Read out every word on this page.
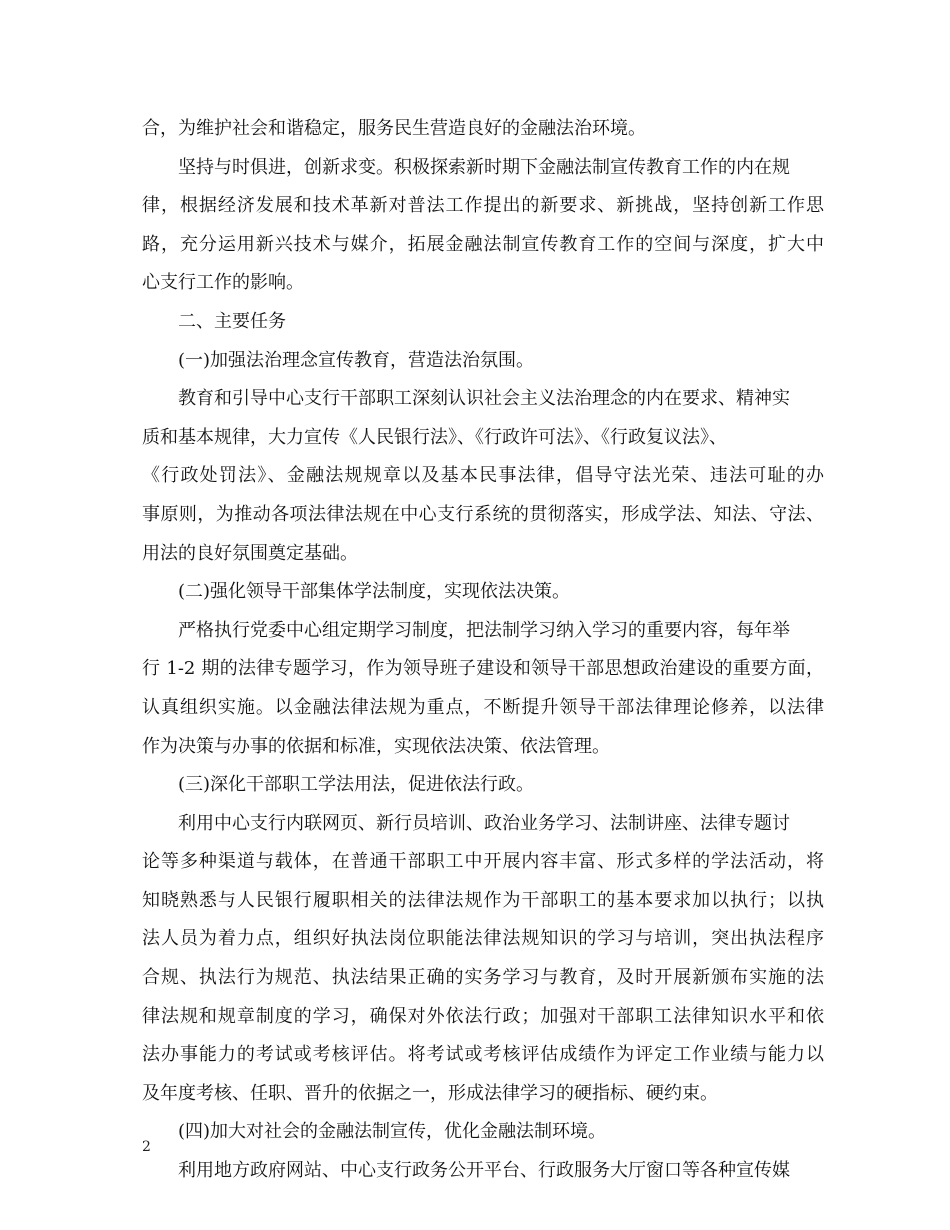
合，为维护社会和谐稳定，服务民生营造良好的金融法治环境。
坚持与时俱进，创新求变。积极探索新时期下金融法制宣传教育工作的内在规
律，根据经济发展和技术革新对普法工作提出的新要求、新挑战，坚持创新工作思
路，充分运用新兴技术与媒介，拓展金融法制宣传教育工作的空间与深度，扩大中
心支行工作的影响。
二、主要任务
(一)加强法治理念宣传教育，营造法治氛围。
教育和引导中心支行干部职工深刻认识社会主义法治理念的内在要求、精神实
质和基本规律，大力宣传《人民银行法》、《行政许可法》、《行政复议法》、
《行政处罚法》、金融法规规章以及基本民事法律，倡导守法光荣、违法可耻的办
事原则，为推动各项法律法规在中心支行系统的贯彻落实，形成学法、知法、守法、
用法的良好氛围奠定基础。
(二)强化领导干部集体学法制度，实现依法决策。
严格执行党委中心组定期学习制度，把法制学习纳入学习的重要内容，每年举
行 1-2 期的法律专题学习，作为领导班子建设和领导干部思想政治建设的重要方面，
认真组织实施。以金融法律法规为重点，不断提升领导干部法律理论修养，以法律
作为决策与办事的依据和标准，实现依法决策、依法管理。
(三)深化干部职工学法用法，促进依法行政。
利用中心支行内联网页、新行员培训、政治业务学习、法制讲座、法律专题讨
论等多种渠道与载体，在普通干部职工中开展内容丰富、形式多样的学法活动，将
知晓熟悉与人民银行履职相关的法律法规作为干部职工的基本要求加以执行；以执
法人员为着力点，组织好执法岗位职能法律法规知识的学习与培训，突出执法程序
合规、执法行为规范、执法结果正确的实务学习与教育，及时开展新颁布实施的法
律法规和规章制度的学习，确保对外依法行政；加强对干部职工法律知识水平和依
法办事能力的考试或考核评估。将考试或考核评估成绩作为评定工作业绩与能力以
及年度考核、任职、晋升的依据之一，形成法律学习的硬指标、硬约束。
(四)加大对社会的金融法制宣传，优化金融法制环境。
利用地方政府网站、中心支行政务公开平台、行政服务大厅窗口等各种宣传媒
2
